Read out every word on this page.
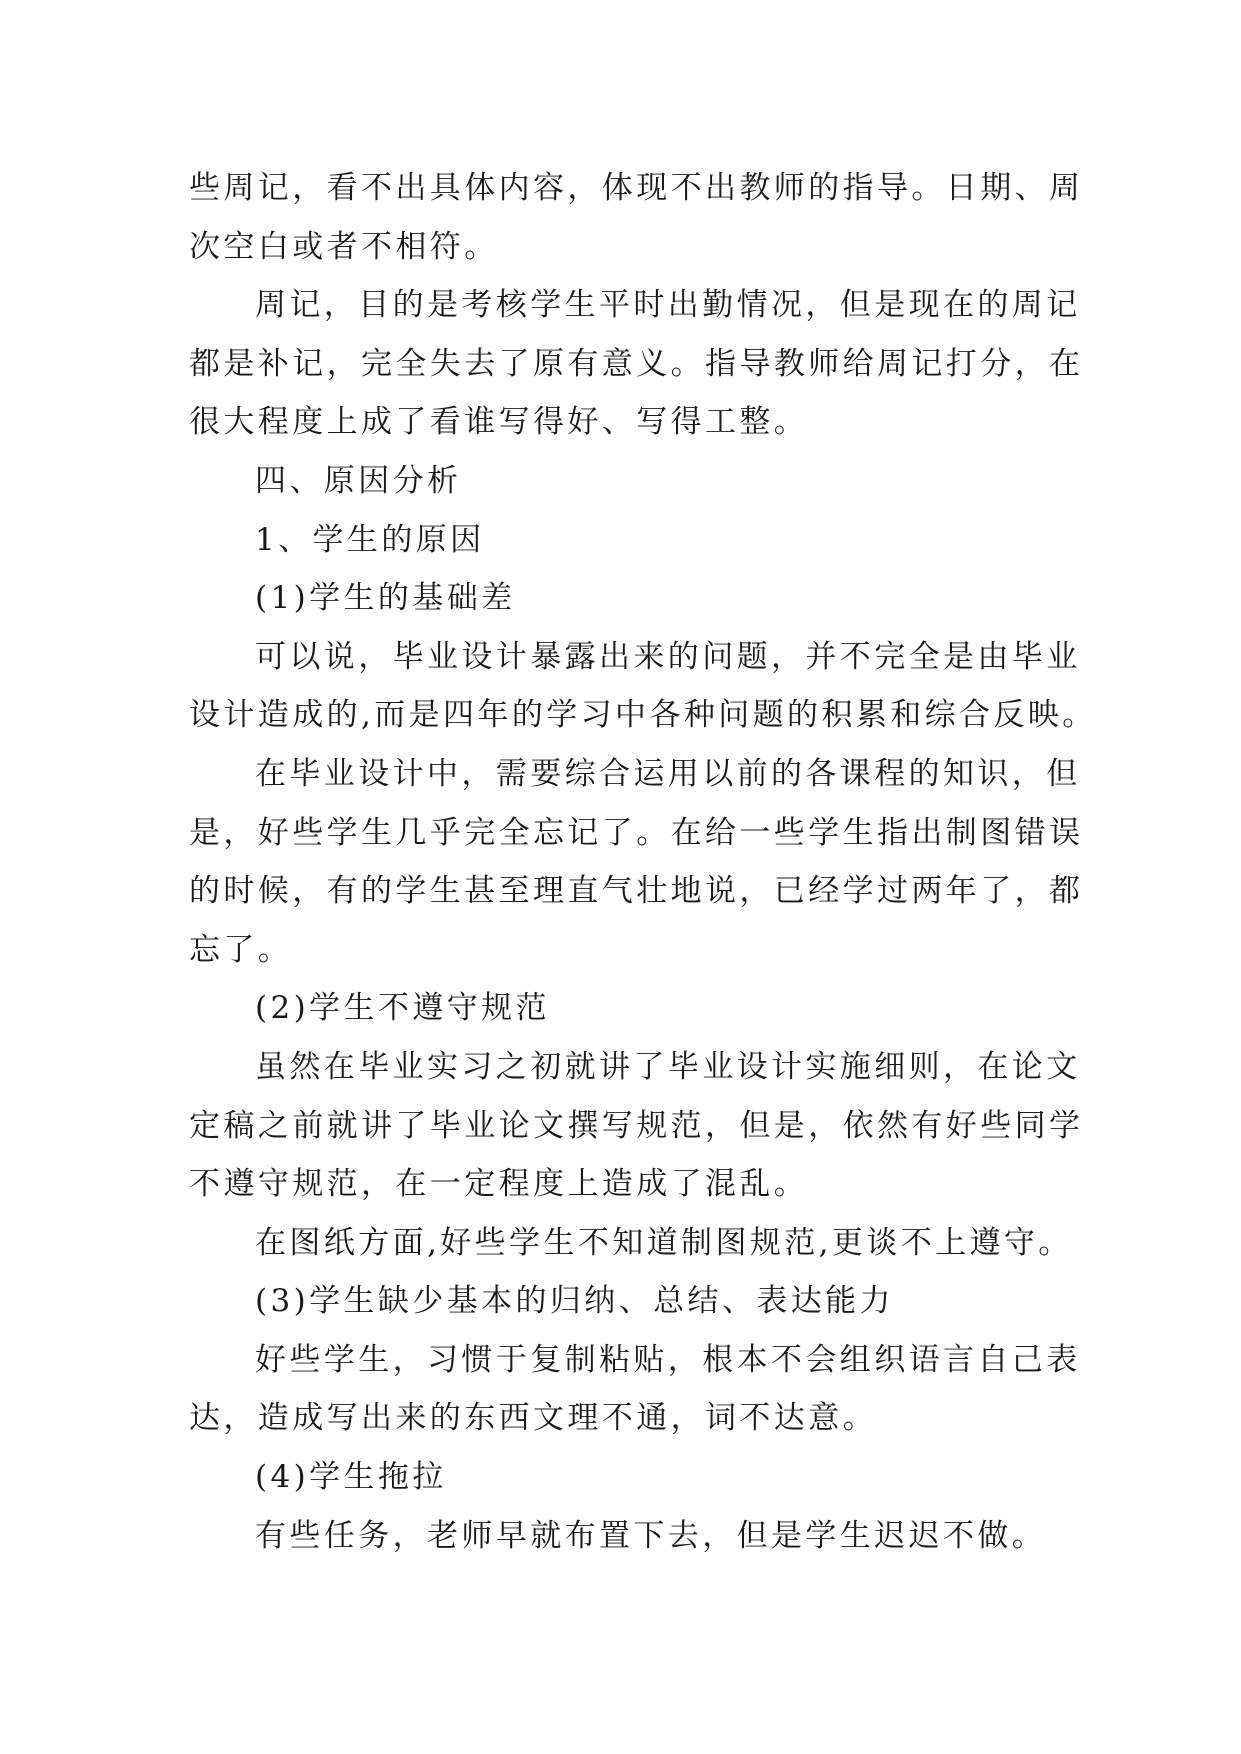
些周记，看不出具体内容，体现不出教师的指导。日期、周
次空白或者不相符。
周记，目的是考核学生平时出勤情况，但是现在的周记
都是补记，完全失去了原有意义。指导教师给周记打分，在
很大程度上成了看谁写得好、写得工整。
四、原因分析
1、学生的原因
(1)学生的基础差
可以说，毕业设计暴露出来的问题，并不完全是由毕业
设计造成的,而是四年的学习中各种问题的积累和综合反映。
在毕业设计中，需要综合运用以前的各课程的知识，但
是，好些学生几乎完全忘记了。在给一些学生指出制图错误
的时候，有的学生甚至理直气壮地说，已经学过两年了，都
忘了。
(2)学生不遵守规范
虽然在毕业实习之初就讲了毕业设计实施细则，在论文
定稿之前就讲了毕业论文撰写规范，但是，依然有好些同学
不遵守规范，在一定程度上造成了混乱。
在图纸方面,好些学生不知道制图规范,更谈不上遵守。
(3)学生缺少基本的归纳、总结、表达能力
好些学生，习惯于复制粘贴，根本不会组织语言自己表
达，造成写出来的东西文理不通，词不达意。
(4)学生拖拉
有些任务，老师早就布置下去，但是学生迟迟不做。
